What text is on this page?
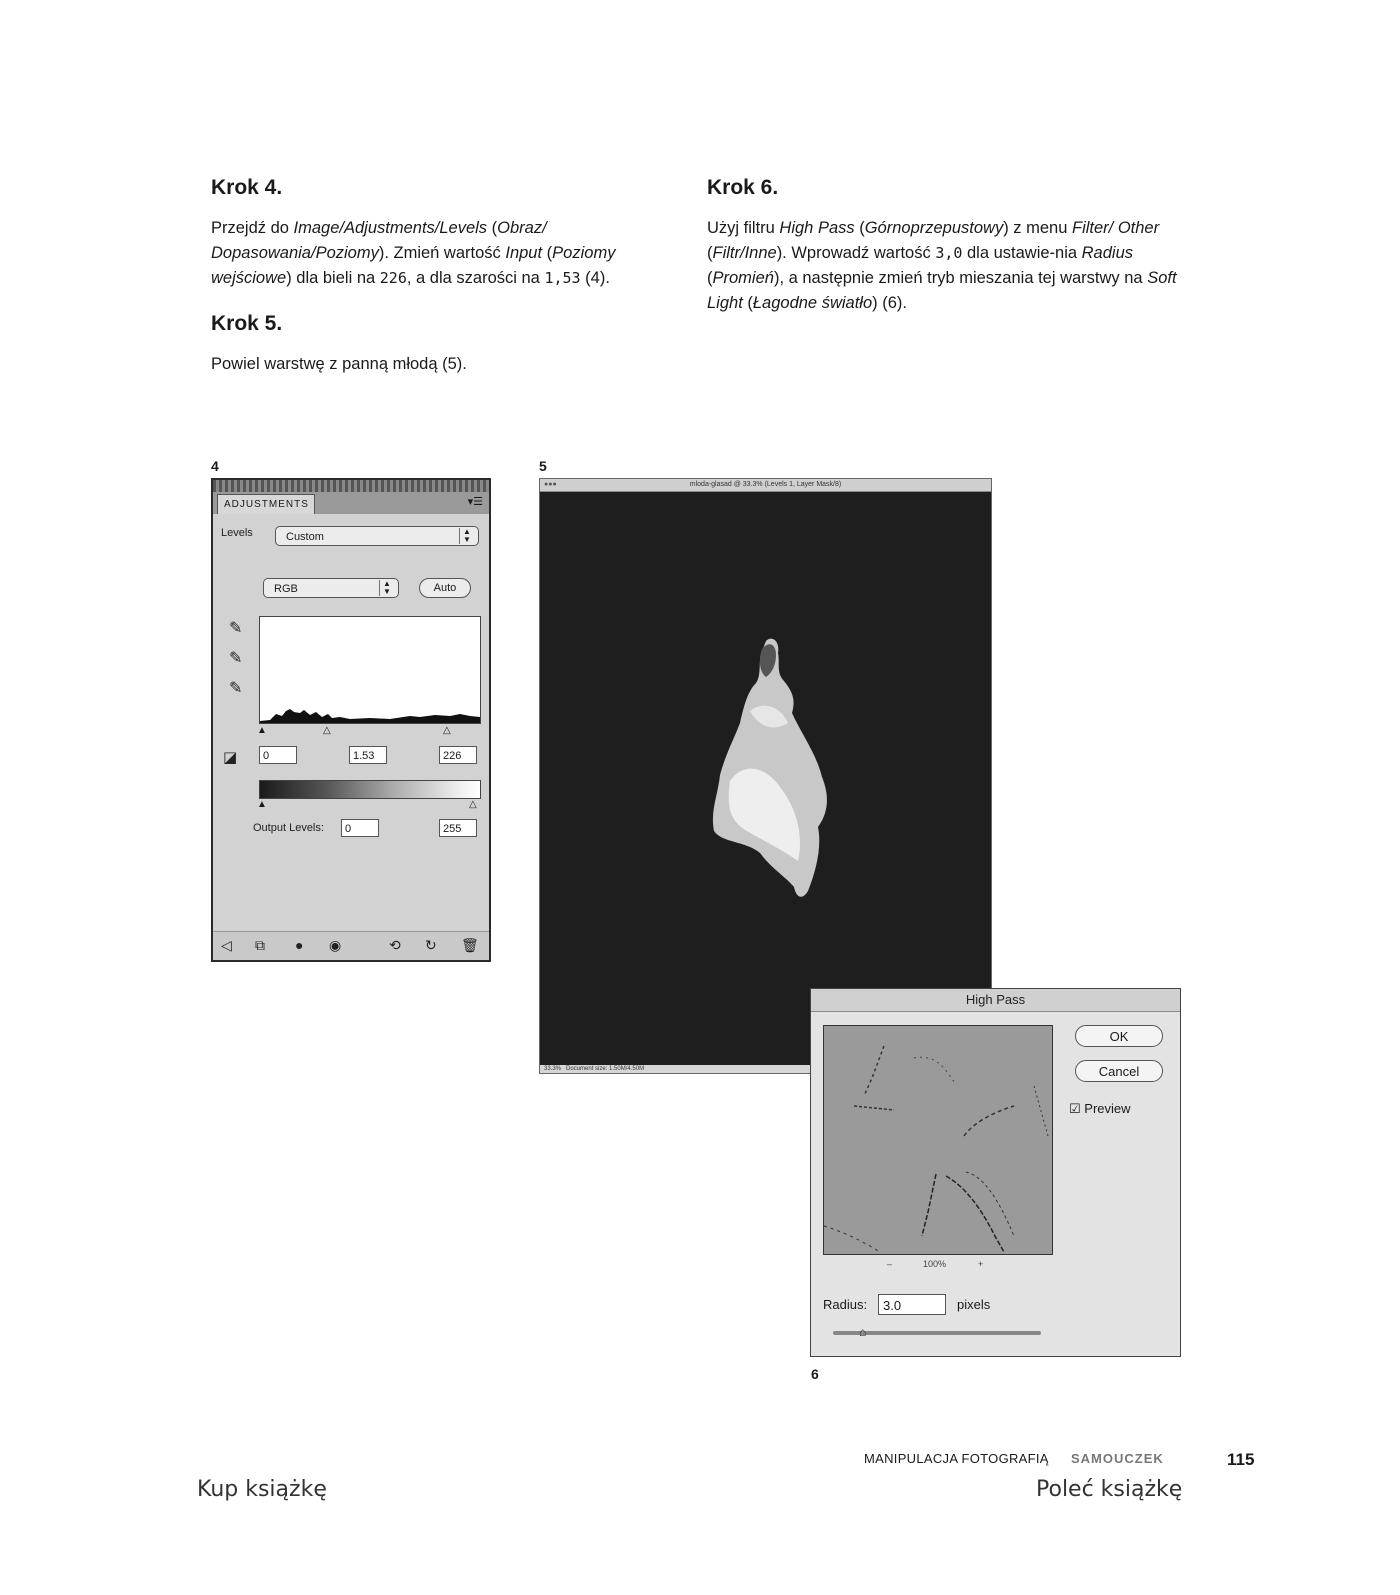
Krok 4.

Przejdź do Image/Adjustments/Levels (Obraz/ Dopasowania/Poziomy). Zmień wartość Input (Poziomy wejściowe) dla bieli na 226, a dla szarości na 1,53 (4).

Krok 5.

Powiel warstwę z panną młodą (5).

Krok 6.

Użyj filtru High Pass (Górnoprzepustowy) z menu Filter/ Other (Filtr/Inne). Wprowadź wartość 3,0 dla ustawie-nia Radius (Promień), a następnie zmień tryb mieszania tej warstwy na Soft Light (Łagodne światło) (6).

4	5
6
ADJUSTMENTS	▾☰
Levels	Custom	▲
▼
RGB	▲
▼	Auto
✎
✎
✎
▲	△	△
◪	0	1.53	226
▲	△
Output Levels:	0	255
◁ ⧉ ● ◉	⟲ ↻ 🗑
●●●	mloda-glasad @ 33.3% (Levels 1, Layer Mask/8)
33.3% Document size: 1.50M/4.50M
High Pass
OK
Cancel
☑ Preview
–	100%	+
Radius:	3.0	pixels
⌂
MANIPULACJA FOTOGRAFIĄ SAMOUCZEK	115
Kup książkę	Poleć książkę
